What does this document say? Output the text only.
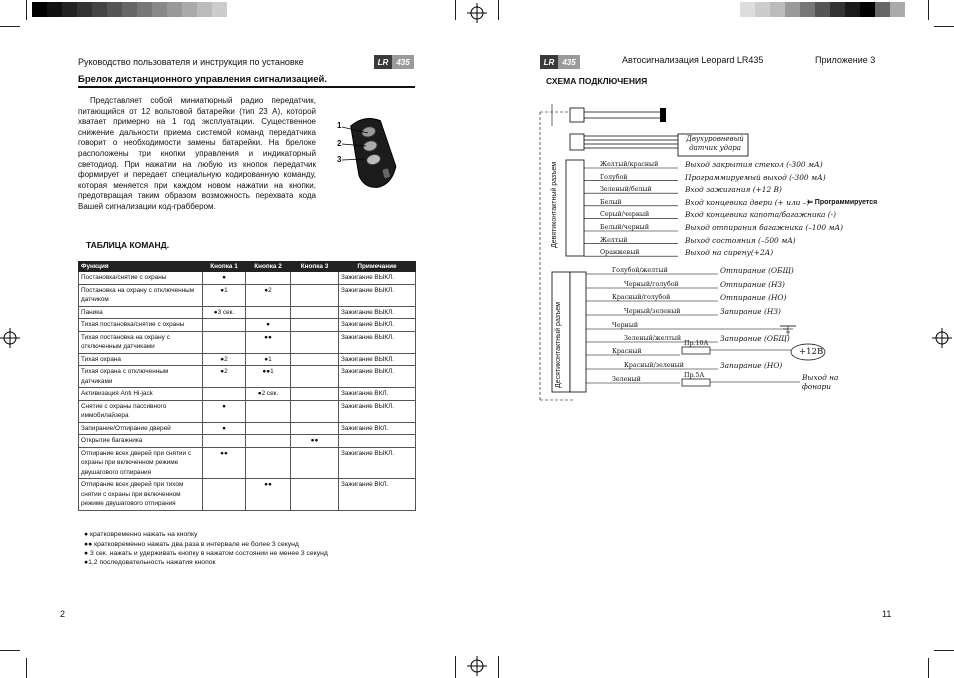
Руководство пользователя и инструкция по установке	LR 435
Брелок дистанционного управления сигнализацией.

Представляет собой миниатюрный радио передатчик, питающийся от 12 вольтовой батарейки (тип 23 А), которой хватает примерно на 1 год эксплуатации. Существенное снижение дальности приема системой команд передатчика говорит о необходимости замены батарейки. На брелоке расположены три кнопки управления и индикаторный светодиод. При нажатии на любую из кнопок передатчик формирует и передает специальную кодированную команду, которая меняется при каждом новом нажатии на кнопки, предотвращая таким образом возможность перехвата кода Вашей сигнализации код-граббером.

1
2
3
ТАБЛИЦА КОМАНД.
Функция	Кнопка 1	Кнопка 2	Кнопка 3	Примечание
Постановка/снятие с охраны	●			Зажигание ВЫКЛ.
Постановка на охрану с отключенным датчиком	●1	●2		Зажигание ВЫКЛ.
Паника	●3 сек.			Зажигание ВЫКЛ.
Тихая постановка/снятие с охраны		●		Зажигание ВЫКЛ.
Тихая постановка на охрану с отключенным датчиками		●●		Зажигание ВЫКЛ.
Тихая охрана	●2	●1		Зажигание ВЫКЛ.
Тихая охрана с отключенным датчиками	●2	●●1		Зажигание ВЫКЛ.
Активизация Anti Hi-jack		●2 сек.		Зажигание ВКЛ.
Снятие с охраны пассивного иммобилайзера	●			Зажигание ВЫКЛ.
Запирание/Отпирание дверей	●			Зажигание ВКЛ.
Открытие багажника			●●	
Отпирание всех дверей при снятии с охраны при включенном режиме двушагового отпирания	●●			Зажигание ВЫКЛ.
Отпирание всех дверей при тихом снятии с охраны при включенном режиме двушагового отпирания		●●		Зажигание ВКЛ.
● кратковременно нажать на кнопку
●● кратковременно нажать два раза в интервале не более 3 секунд
● 3 сек. нажать и удерживать кнопку в нажатом состоянии не менее 3 секунд
●1,2 последовательность нажатия кнопок
2
LR 435	Автосигнализация Leopard LR435	Приложение 3
СХЕМА ПОДКЛЮЧЕНИЯ
Девятиконтактный разъем
Десятиконтактный разъем
Двухуровневый датчик удара
Желтый/красный	Выход закрытия стекол (-300 мА)
Голубой	Программируемый выход (-300 мА)
Зеленый/белый	Вход зажигания (+12 В)
Белый	Вход концевика двери (+ или –)
Серый/черный	Вход концевика капота/багажника (-)
Белый/черный	Выход отпирания багажника (–100 мА)
Желтый	Выход состояния (–500 мА)
Оранжевый	Выход на сирену(+2А)
Голубой/желтый	Отпирание (ОБЩ)
Черный/голубой	Отпирание (НЗ)
Красный/голубой	Отпирание (НО)
Черный/зеленый	Запирание (НЗ)
Черный
Зеленый/желтый	Запирание (ОБЩ)
Красный
Красный/зеленый	Запирание (НО)
Зеленый
⇐ Программируется
Пр.10А
Пр.5А
+12В
Выход на фонари
11
